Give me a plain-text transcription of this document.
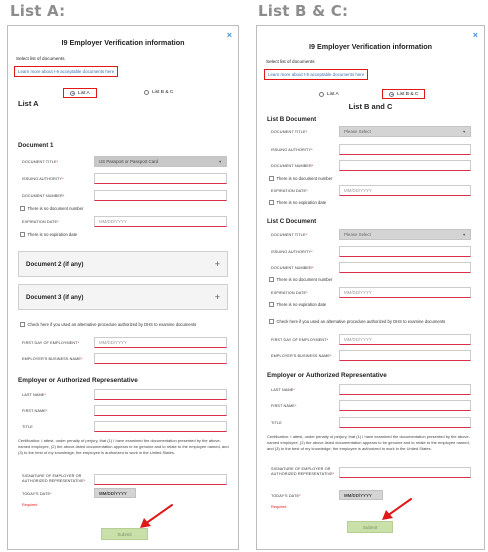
List A:	List B & C:
×
I9 Employer Verification information
Select list of documents
Learn more about I-9 acceptable documents here
List A	List B & C
List A
Document 1
DOCUMENT TITLE *	US Passport or Passport Card	▼
ISSUING AUTHORITY *
DOCUMENT NUMBER *
There is no document number
EXPIRATION DATE *	MM/DD/YYYY
There is no expiration date
Document 2 (if any)	+
Document 3 (if any)	+
Check here if you used an alternative procedure authorized by DHS to examine documents
FIRST DAY OF EMPLOYMENT *	MM/DD/YYYY
EMPLOYER'S BUSINESS NAME *
Employer or Authorized Representative
LAST NAME *
FIRST NAME *
TITLE
Certification: I attest, under penalty of perjury, that (1) I have examined the documentation presented by the above-named employee, (2) the above-listed documentation appears to be genuine and to relate to the employee named, and (3) to the best of my knowledge, the employee is authorized to work in the United States.
SIGNATURE OF EMPLOYER OR AUTHORIZED REPRESENTATIVE*
TODAY'S DATE *	MM/DD/YYYY
Required
Submit
×
I9 Employer Verification information
Select list of documents
Learn more about I-9 acceptable documents here
List A	List B & C
List B and C
List B Document
DOCUMENT TITLE *	Please Select	▼
ISSUING AUTHORITY *
DOCUMENT NUMBER *
There is no document number
EXPIRATION DATE *	MM/DD/YYYY
There is no expiration date
List C Document
DOCUMENT TITLE *	Please Select	▼
ISSUING AUTHORITY *
DOCUMENT NUMBER *
There is no document number
EXPIRATION DATE *	MM/DD/YYYY
There is no expiration date
Check here if you used an alternative procedure authorized by DHS to examine documents
FIRST DAY OF EMPLOYMENT *	MM/DD/YYYY
EMPLOYER'S BUSINESS NAME *
Employer or Authorized Representative
LAST NAME *
FIRST NAME *
TITLE
Certification: I attest, under penalty of perjury, that (1) I have examined the documentation presented by the above-named employee, (2) the above-listed documentation appears to be genuine and to relate to the employee named, and (3) to the best of my knowledge, the employee is authorized to work in the United States.
SIGNATURE OF EMPLOYER OR AUTHORIZED REPRESENTATIVE*
TODAY'S DATE *	MM/DD/YYYY
Required
Submit
